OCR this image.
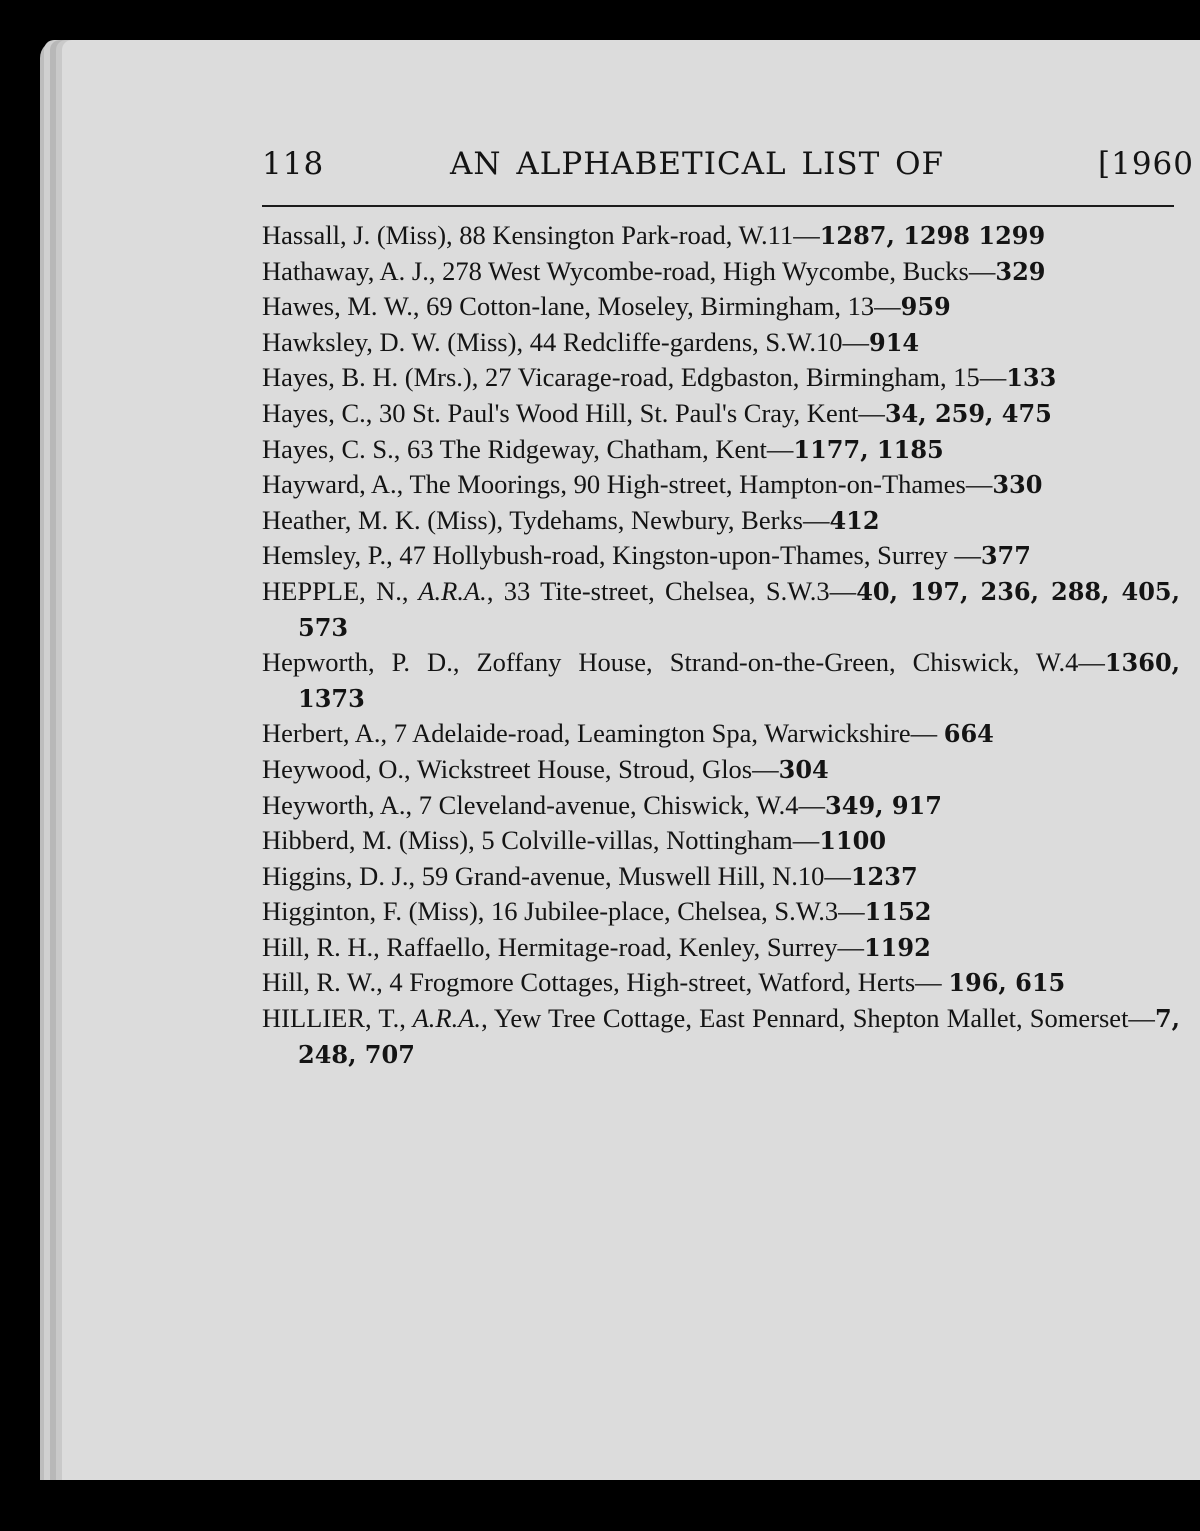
118	AN ALPHABETICAL LIST OF	[1960
Hassall, J. (Miss), 88 Kensington Park-road, W.11—1287, 1298 1299
Hathaway, A. J., 278 West Wycombe-road, High Wycombe, Bucks—329
Hawes, M. W., 69 Cotton-lane, Moseley, Birmingham, 13—959
Hawksley, D. W. (Miss), 44 Redcliffe-gardens, S.W.10—914
Hayes, B. H. (Mrs.), 27 Vicarage-road, Edgbaston, Birmingham, 15—133
Hayes, C., 30 St. Paul's Wood Hill, St. Paul's Cray, Kent—34, 259, 475
Hayes, C. S., 63 The Ridgeway, Chatham, Kent—1177, 1185
Hayward, A., The Moorings, 90 High-street, Hampton-on-Thames—330
Heather, M. K. (Miss), Tydehams, Newbury, Berks—412
Hemsley, P., 47 Hollybush-road, Kingston-upon-Thames, Surrey —377
HEPPLE, N., A.R.A., 33 Tite-street, Chelsea, S.W.3—40, 197, 236, 288, 405, 573
Hepworth, P. D., Zoffany House, Strand-on-the-Green, Chiswick, W.4—1360, 1373
Herbert, A., 7 Adelaide-road, Leamington Spa, Warwickshire— 664
Heywood, O., Wickstreet House, Stroud, Glos—304
Heyworth, A., 7 Cleveland-avenue, Chiswick, W.4—349, 917
Hibberd, M. (Miss), 5 Colville-villas, Nottingham—1100
Higgins, D. J., 59 Grand-avenue, Muswell Hill, N.10—1237
Higginton, F. (Miss), 16 Jubilee-place, Chelsea, S.W.3—1152
Hill, R. H., Raffaello, Hermitage-road, Kenley, Surrey—1192
Hill, R. W., 4 Frogmore Cottages, High-street, Watford, Herts— 196, 615
HILLIER, T., A.R.A., Yew Tree Cottage, East Pennard, Shepton Mallet, Somerset—7, 248, 707
